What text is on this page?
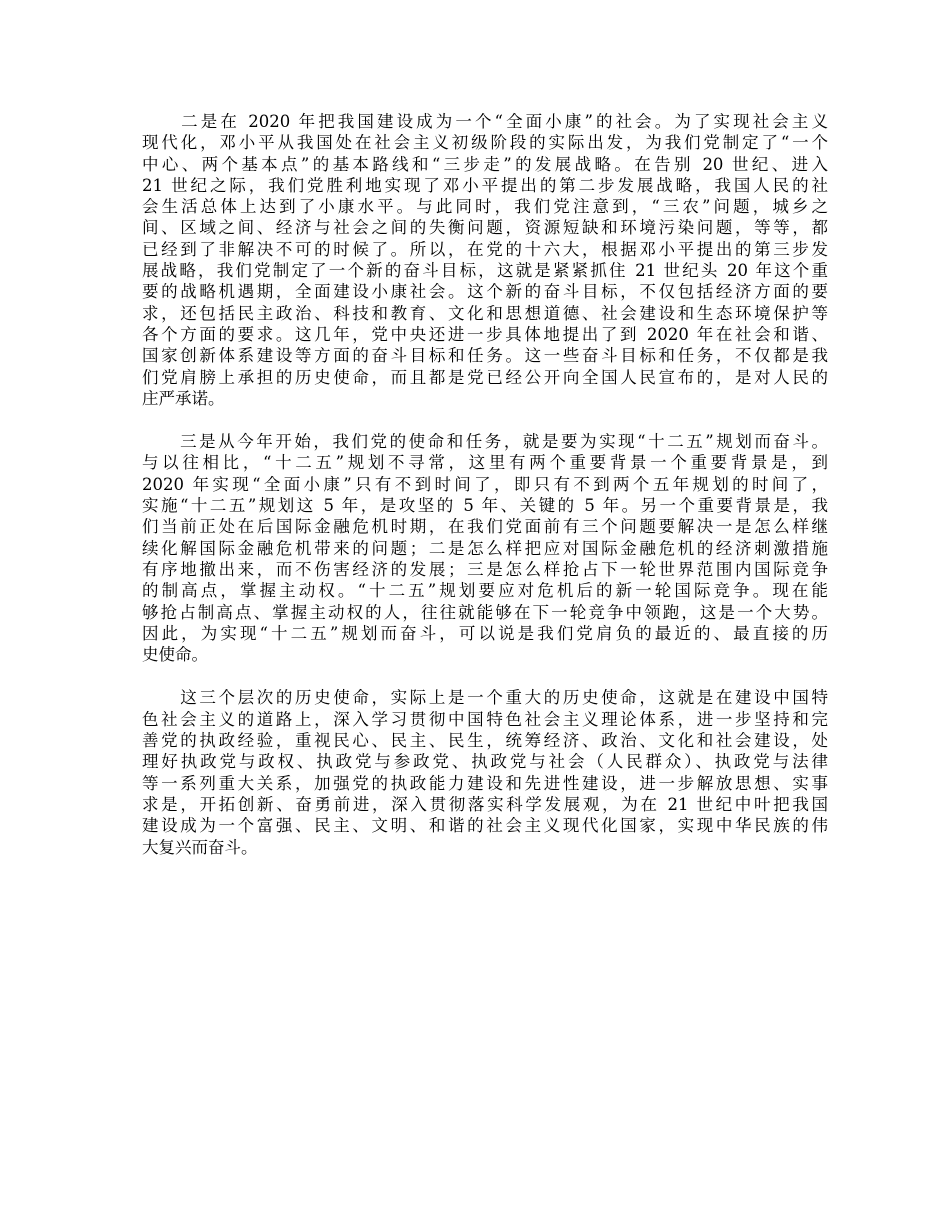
　　二是在 2020 年把我国建设成为一个“全面小康”的社会。为了实现社会主义
现代化，邓小平从我国处在社会主义初级阶段的实际出发，为我们党制定了“一个
中心、两个基本点”的基本路线和“三步走”的发展战略。在告别 20 世纪、进入
21 世纪之际，我们党胜利地实现了邓小平提出的第二步发展战略，我国人民的社
会生活总体上达到了小康水平。与此同时，我们党注意到，“三农”问题，城乡之
间、区域之间、经济与社会之间的失衡问题，资源短缺和环境污染问题，等等，都
已经到了非解决不可的时候了。所以，在党的十六大，根据邓小平提出的第三步发
展战略，我们党制定了一个新的奋斗目标，这就是紧紧抓住 21 世纪头 20 年这个重
要的战略机遇期，全面建设小康社会。这个新的奋斗目标，不仅包括经济方面的要
求，还包括民主政治、科技和教育、文化和思想道德、社会建设和生态环境保护等
各个方面的要求。这几年，党中央还进一步具体地提出了到 2020 年在社会和谐、
国家创新体系建设等方面的奋斗目标和任务。这一些奋斗目标和任务，不仅都是我
们党肩膀上承担的历史使命，而且都是党已经公开向全国人民宣布的，是对人民的
庄严承诺。
　　三是从今年开始，我们党的使命和任务，就是要为实现“十二五”规划而奋斗。
与以往相比，“十二五”规划不寻常，这里有两个重要背景一个重要背景是，到
2020 年实现“全面小康”只有不到时间了，即只有不到两个五年规划的时间了，
实施“十二五”规划这 5 年，是攻坚的 5 年、关键的 5 年。另一个重要背景是，我
们当前正处在后国际金融危机时期，在我们党面前有三个问题要解决一是怎么样继
续化解国际金融危机带来的问题；二是怎么样把应对国际金融危机的经济刺激措施
有序地撤出来，而不伤害经济的发展；三是怎么样抢占下一轮世界范围内国际竞争
的制高点，掌握主动权。“十二五”规划要应对危机后的新一轮国际竞争。现在能
够抢占制高点、掌握主动权的人，往往就能够在下一轮竞争中领跑，这是一个大势。
因此，为实现“十二五”规划而奋斗，可以说是我们党肩负的最近的、最直接的历
史使命。
　　这三个层次的历史使命，实际上是一个重大的历史使命，这就是在建设中国特
色社会主义的道路上，深入学习贯彻中国特色社会主义理论体系，进一步坚持和完
善党的执政经验，重视民心、民主、民生，统筹经济、政治、文化和社会建设，处
理好执政党与政权、执政党与参政党、执政党与社会（人民群众）、执政党与法律
等一系列重大关系，加强党的执政能力建设和先进性建设，进一步解放思想、实事
求是，开拓创新、奋勇前进，深入贯彻落实科学发展观，为在 21 世纪中叶把我国
建设成为一个富强、民主、文明、和谐的社会主义现代化国家，实现中华民族的伟
大复兴而奋斗。
